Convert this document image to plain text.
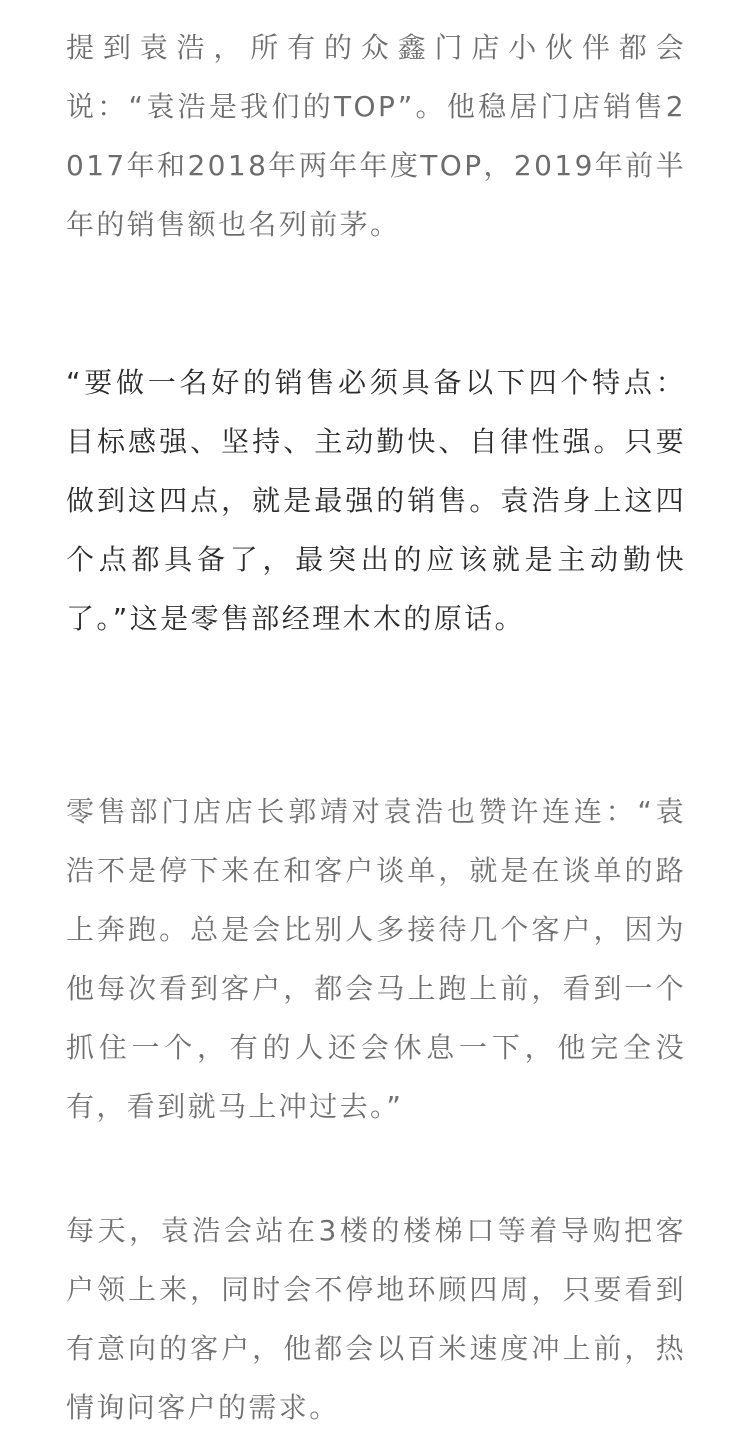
提到袁浩，所有的众鑫门店小伙伴都会说：“袁浩是我们的TOP”。他稳居门店销售2017年和2018年两年年度TOP，2019年前半年的销售额也名列前茅。

“要做一名好的销售必须具备以下四个特点：目标感强、坚持、主动勤快、自律性强。只要做到这四点，就是最强的销售。袁浩身上这四个点都具备了，最突出的应该就是主动勤快了。”这是零售部经理木木的原话。

零售部门店店长郭靖对袁浩也赞许连连：“袁浩不是停下来在和客户谈单，就是在谈单的路上奔跑。总是会比别人多接待几个客户，因为他每次看到客户，都会马上跑上前，看到一个抓住一个，有的人还会休息一下，他完全没有，看到就马上冲过去。”

每天，袁浩会站在3楼的楼梯口等着导购把客户领上来，同时会不停地环顾四周，只要看到有意向的客户，他都会以百米速度冲上前，热情询问客户的需求。
